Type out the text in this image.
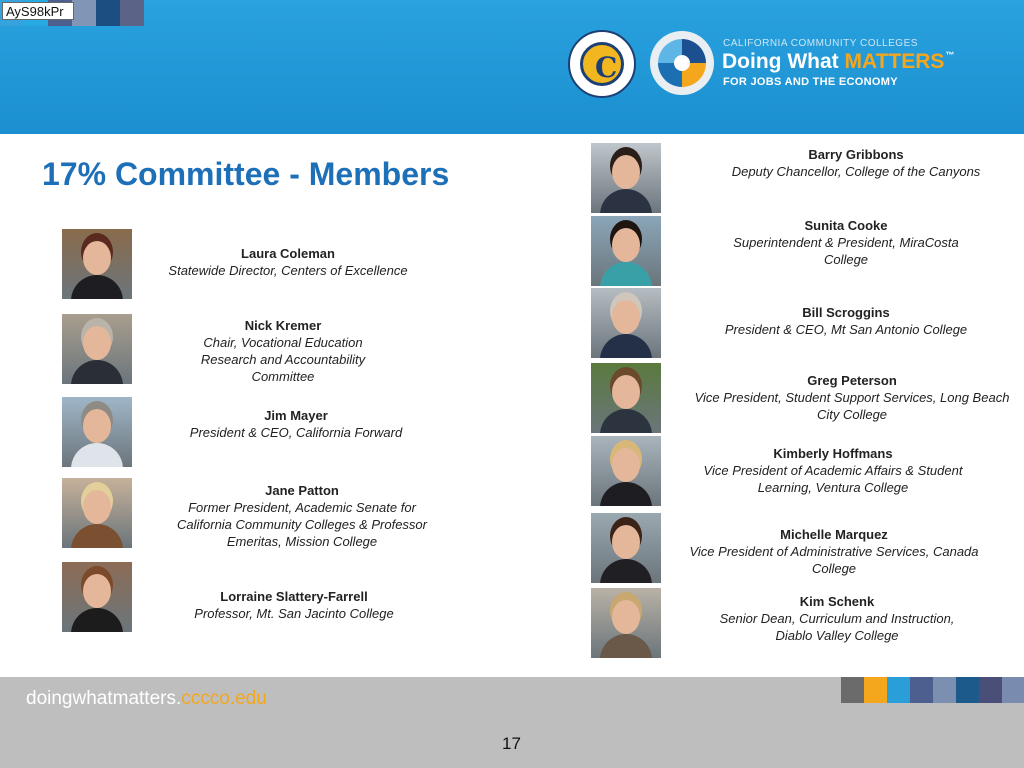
AyS98kPr
C
CALIFORNIA COMMUNITY COLLEGES
Doing What MATTERS™
FOR JOBS AND THE ECONOMY
17% Committee - Members
Laura Coleman
Statewide Director, Centers of Excellence
Nick Kremer
Chair, Vocational Education Research and Accountability Committee
Jim Mayer
President & CEO, California Forward
Jane Patton
Former President, Academic Senate for California Community Colleges & Professor Emeritas, Mission College
Lorraine Slattery-Farrell
Professor, Mt. San Jacinto College
Barry Gribbons
Deputy Chancellor, College of the Canyons
Sunita Cooke
Superintendent & President, MiraCosta College
Bill Scroggins
President & CEO, Mt San Antonio College
Greg Peterson
Vice President, Student Support Services, Long Beach City College
Kimberly Hoffmans
Vice President of Academic Affairs & Student Learning, Ventura College
Michelle Marquez
Vice President of Administrative Services, Canada College
Kim Schenk
Senior Dean, Curriculum and Instruction, Diablo Valley College
doingwhatmatters.cccco.edu
17
